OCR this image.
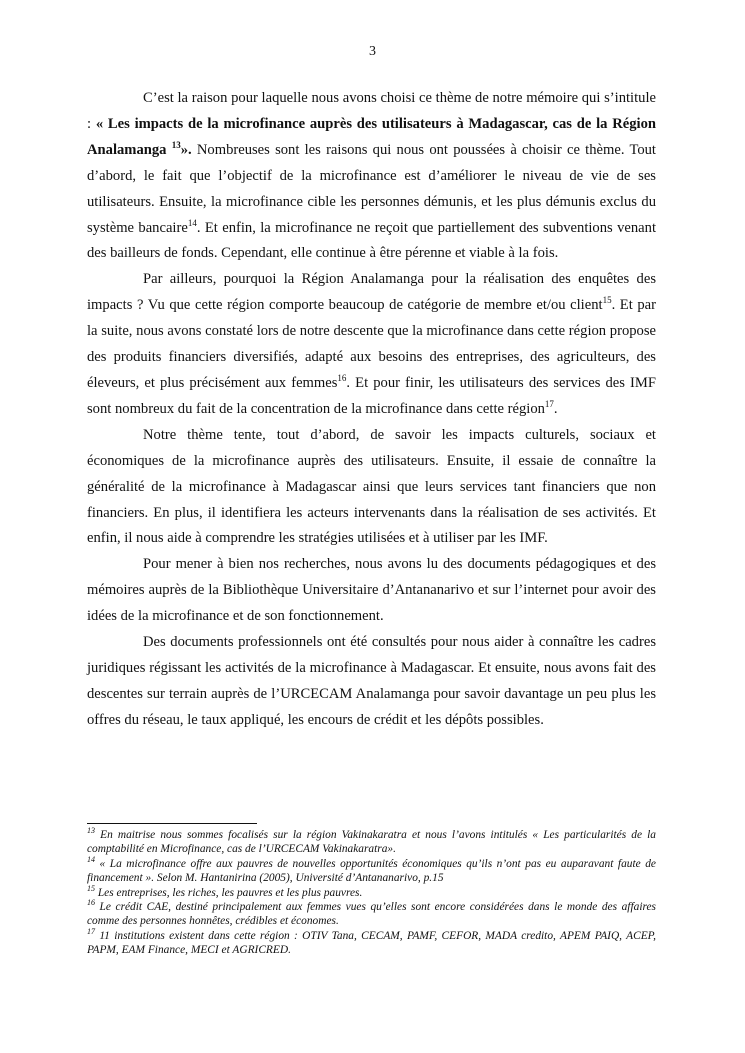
3

C’est la raison pour laquelle nous avons choisi ce thème de notre mémoire qui s’intitule : « Les impacts de la microfinance auprès des utilisateurs à Madagascar, cas de la Région Analamanga $^{13}$». Nombreuses sont les raisons qui nous ont poussées à choisir ce thème. Tout d’abord, le fait que l’objectif de la microfinance est d’améliorer le niveau de vie de ses utilisateurs. Ensuite, la microfinance cible les personnes démunis, et les plus démunis exclus du système bancaire$^{14}$. Et enfin, la microfinance ne reçoit que partiellement des subventions venant des bailleurs de fonds. Cependant, elle continue à être pérenne et viable à la fois.

Par ailleurs, pourquoi la Région Analamanga pour la réalisation des enquêtes des impacts ? Vu que cette région comporte beaucoup de catégorie de membre et/ou client$^{15}$. Et par la suite, nous avons constaté lors de notre descente que la microfinance dans cette région propose des produits financiers diversifiés, adapté aux besoins des entreprises, des agriculteurs, des éleveurs, et plus précisément aux femmes$^{16}$. Et pour finir, les utilisateurs des services des IMF sont nombreux du fait de la concentration de la microfinance dans cette région$^{17}$.

Notre thème tente, tout d’abord, de savoir les impacts culturels, sociaux et économiques de la microfinance auprès des utilisateurs. Ensuite, il essaie de connaître la généralité de la microfinance à Madagascar ainsi que leurs services tant financiers que non financiers. En plus, il identifiera les acteurs intervenants dans la réalisation de ses activités. Et enfin, il nous aide à comprendre les stratégies utilisées et à utiliser par les IMF.

Pour mener à bien nos recherches, nous avons lu des documents pédagogiques et des mémoires auprès de la Bibliothèque Universitaire d’Antananarivo et sur l’internet pour avoir des idées de la microfinance et de son fonctionnement.

Des documents professionnels ont été consultés pour nous aider à connaître les cadres juridiques régissant les activités de la microfinance à Madagascar. Et ensuite, nous avons fait des descentes sur terrain auprès de l’URCECAM Analamanga pour savoir davantage un peu plus les offres du réseau, le taux appliqué, les encours de crédit et les dépôts possibles.

$^{13}$ En maitrise nous sommes focalisés sur la région Vakinakaratra et nous l’avons intitulés « Les particularités de la comptabilité en Microfinance, cas de l’URCECAM Vakinakaratra».

$^{14}$ « La microfinance offre aux pauvres de nouvelles opportunités économiques qu’ils n’ont pas eu auparavant faute de financement ». Selon M. Hantanirina (2005), Université d’Antananarivo, p.15

$^{15}$ Les entreprises, les riches, les pauvres et les plus pauvres.

$^{16}$ Le crédit CAE, destiné principalement aux femmes vues qu’elles sont encore considérées dans le monde des affaires comme des personnes honnêtes, crédibles et économes.

$^{17}$ 11 institutions existent dans cette région : OTIV Tana, CECAM, PAMF, CEFOR, MADA credito, APEM PAIQ, ACEP, PAPM, EAM Finance, MECI et AGRICRED.
